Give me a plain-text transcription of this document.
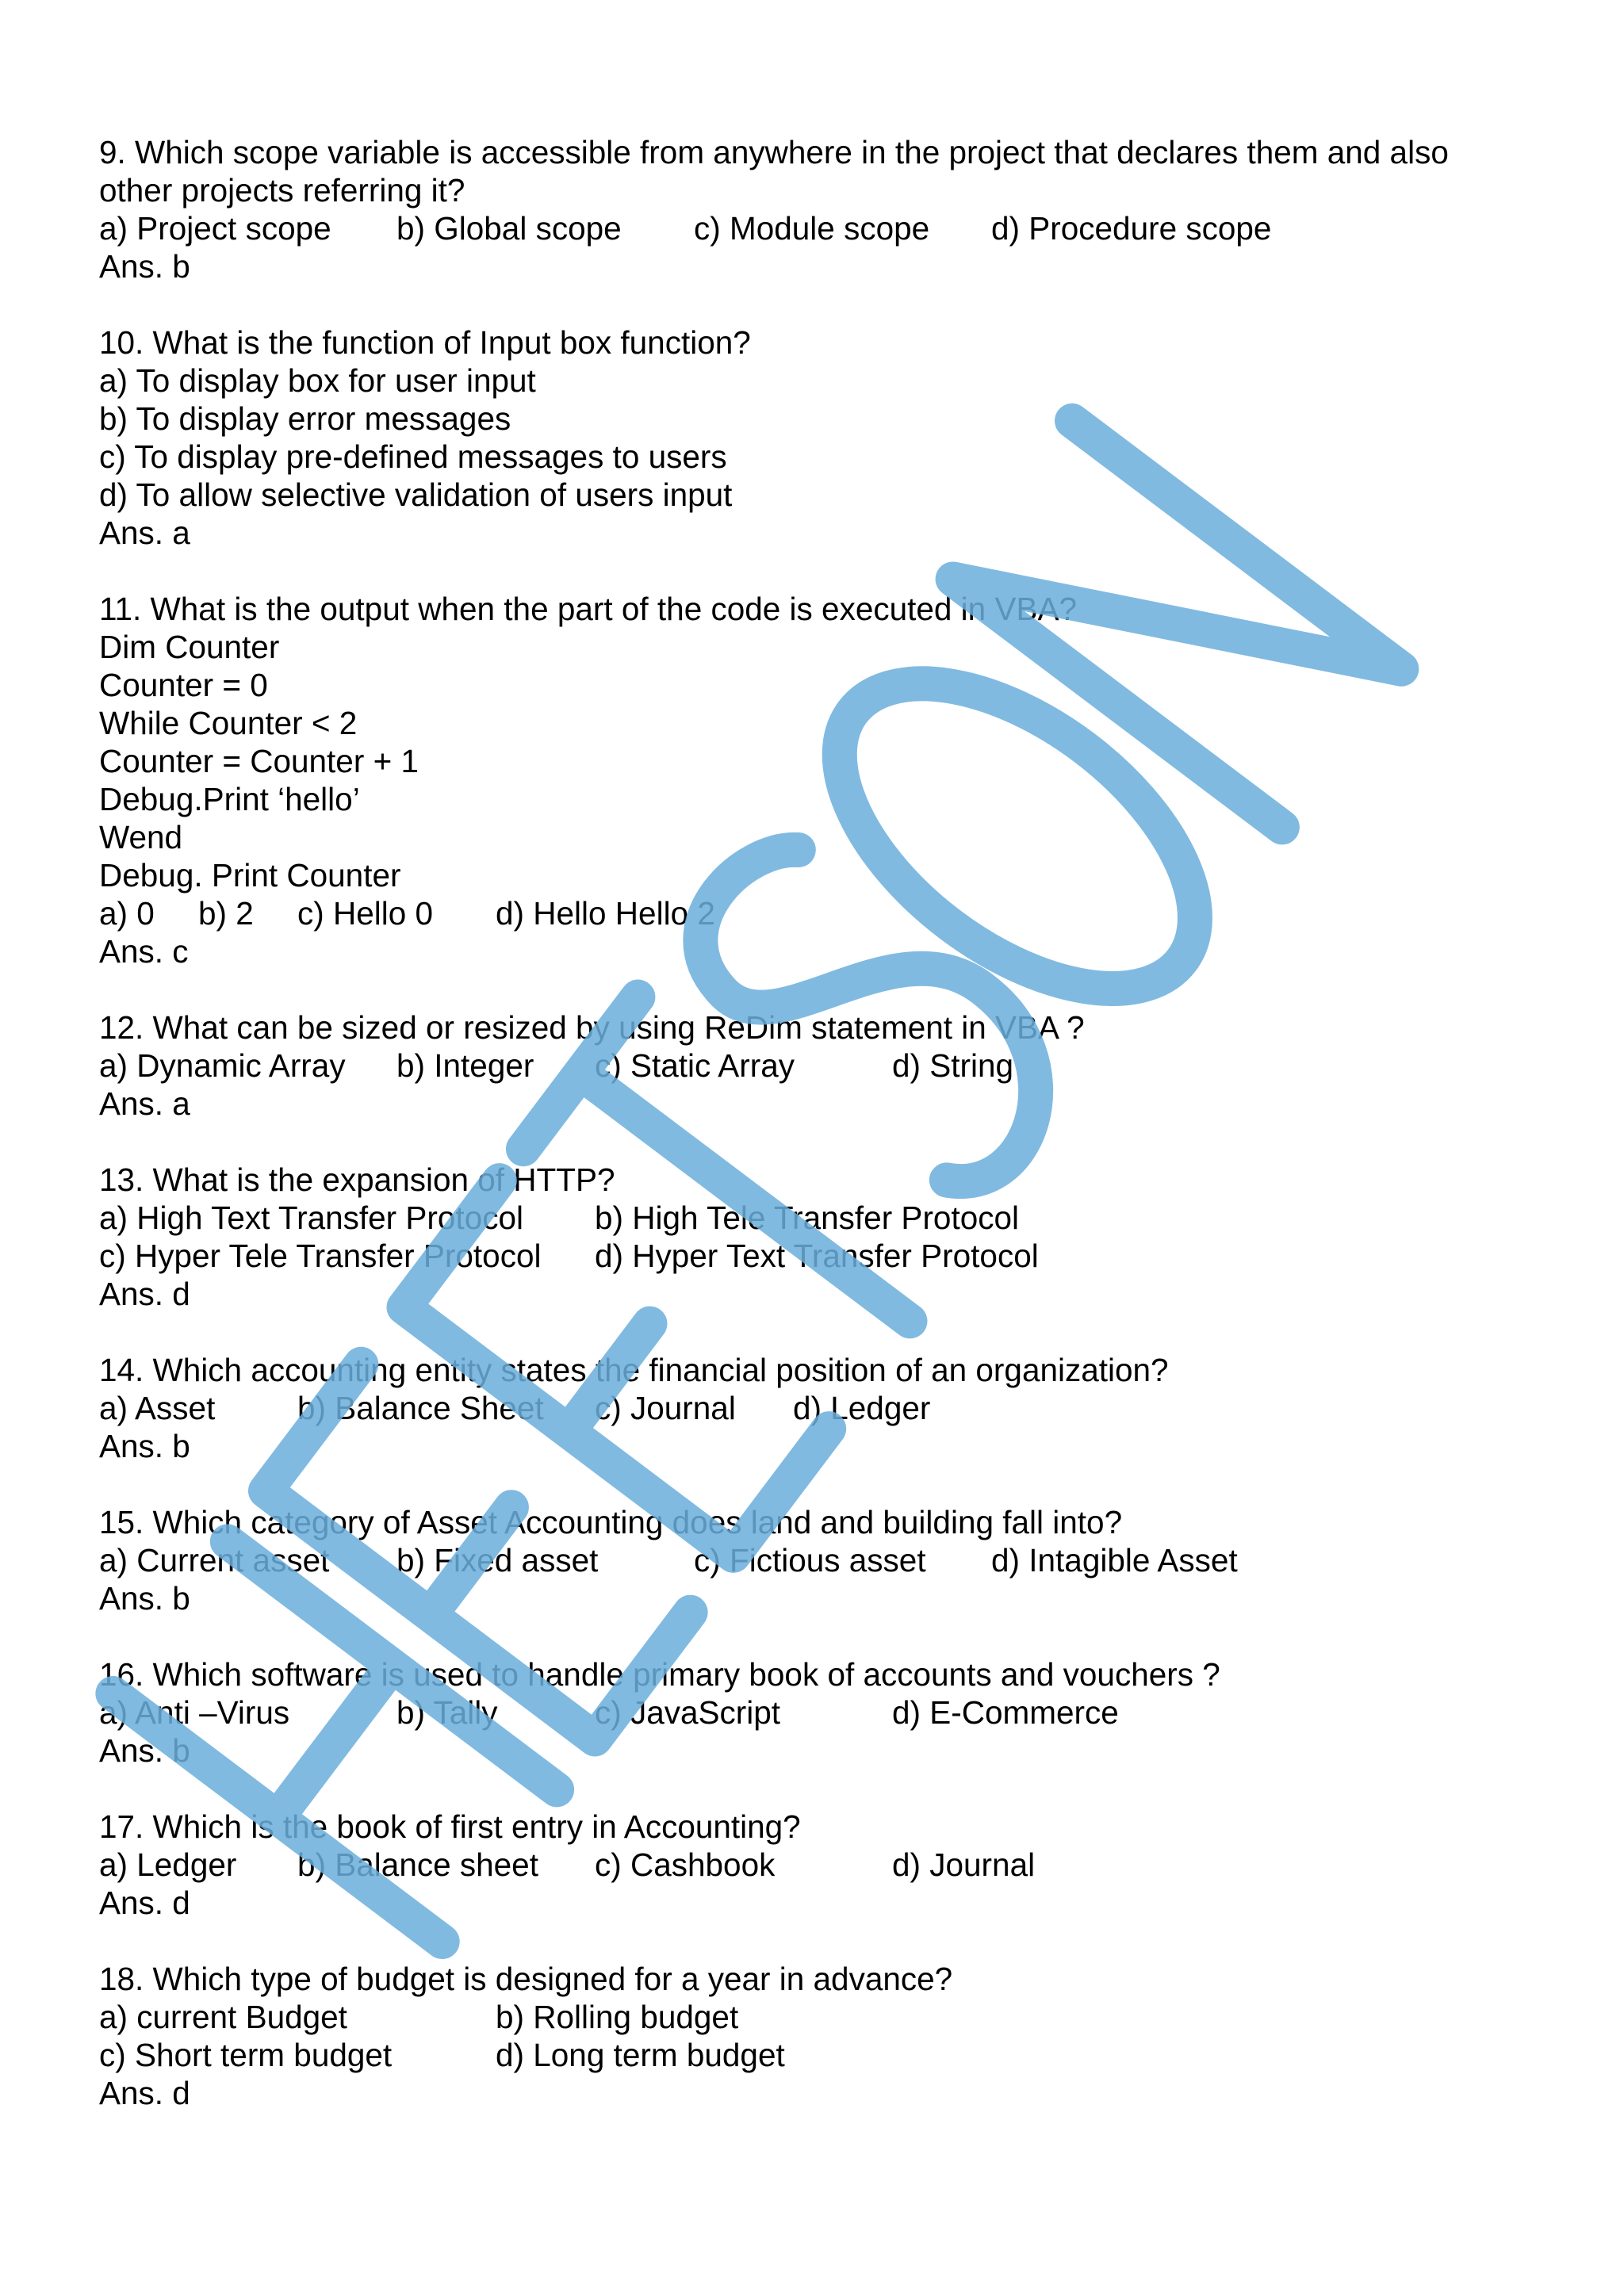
9. Which scope variable is accessible from anywhere in the project that declares them and also
other projects referring it?
a) Project scope b) Global scope c) Module scope d) Procedure scope
Ans. b
10. What is the function of Input box function?
a) To display box for user input
b) To display error messages
c) To display pre-defined messages to users
d) To allow selective validation of users input
Ans. a
11. What is the output when the part of the code is executed in VBA?
Dim Counter
Counter = 0
While Counter < 2
Counter = Counter + 1
Debug.Print ‘hello’
Wend
Debug. Print Counter
a) 0 b) 2 c) Hello 0 d) Hello Hello 2
Ans. c
12. What can be sized or resized by using ReDim statement in VBA ?
a) Dynamic Array b) Integer c) Static Array	d) String
Ans. a
13. What is the expansion of HTTP?
a) High Text Transfer Protocol b) High Tele Transfer Protocol
c) Hyper Tele Transfer Protocol d) Hyper Text Transfer Protocol
Ans. d
14. Which accounting entity states the financial position of an organization?
a) Asset	b) Balance Sheet c) Journal d) Ledger
Ans. b
15. Which category of Asset Accounting does land and building fall into?
a) Current asset b) Fixed asset	c) Fictious asset d) Intagible Asset
Ans. b
16. Which software is used to handle primary book of accounts and vouchers ?
a) Anti –Virus	b) Tally	c) JavaScript	d) E-Commerce
Ans. b
17. Which is the book of first entry in Accounting?
a) Ledger b) Balance sheet c) Cashbook	d) Journal
Ans. d
18. Which type of budget is designed for a year in advance?
a) current Budget	b) Rolling budget
c) Short term budget	d) Long term budget
Ans. d
